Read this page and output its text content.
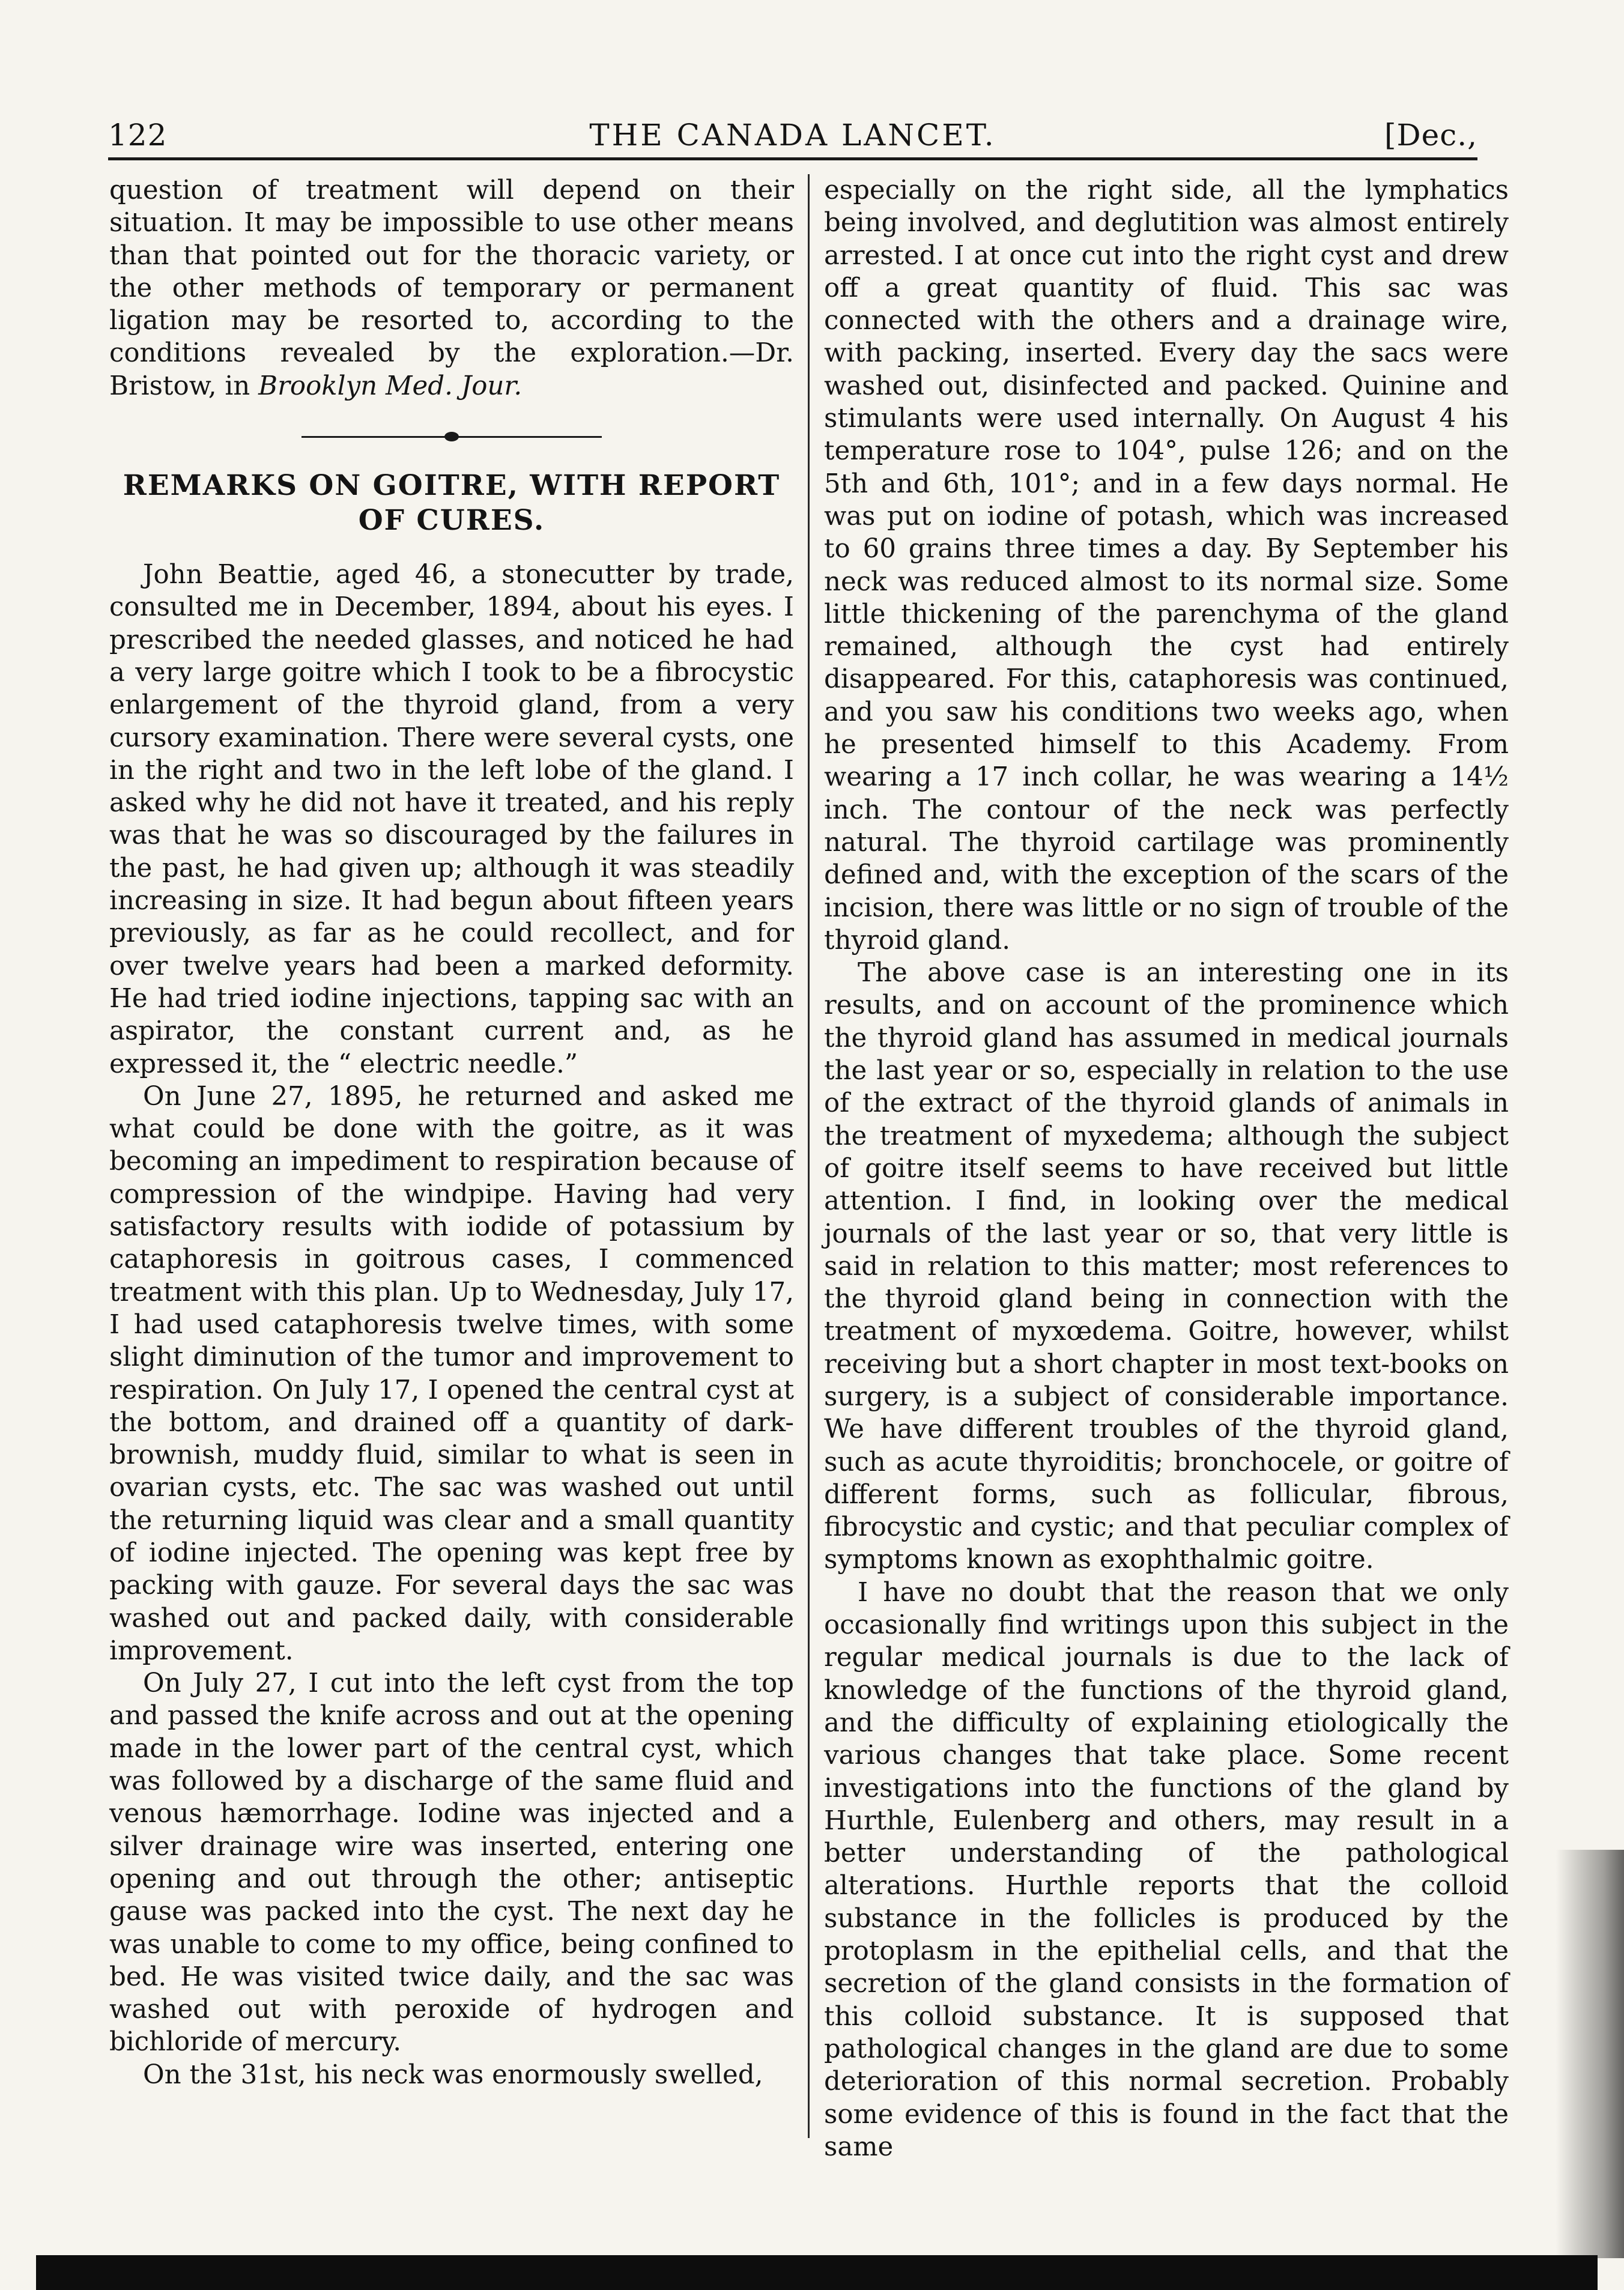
122	THE CANADA LANCET.	[Dec.,

question of treatment will depend on their situation. It may be impossible to use other means than that pointed out for the thoracic variety, or the other methods of temporary or permanent ligation may be resorted to, according to the conditions revealed by the exploration.—Dr. Bristow, in Brooklyn Med. Jour.

REMARKS ON GOITRE, WITH REPORT OF CURES.

John Beattie, aged 46, a stonecutter by trade, consulted me in December, 1894, about his eyes. I prescribed the needed glasses, and noticed he had a very large goitre which I took to be a fibrocystic enlargement of the thyroid gland, from a very cursory examination. There were several cysts, one in the right and two in the left lobe of the gland. I asked why he did not have it treated, and his reply was that he was so discouraged by the failures in the past, he had given up; although it was steadily increasing in size. It had begun about fifteen years previously, as far as he could recollect, and for over twelve years had been a marked deformity. He had tried iodine injections, tapping sac with an aspirator, the constant current and, as he expressed it, the “ electric needle.”

On June 27, 1895, he returned and asked me what could be done with the goitre, as it was becoming an impediment to respiration because of compression of the windpipe. Having had very satisfactory results with iodide of potassium by cataphoresis in goitrous cases, I commenced treatment with this plan. Up to Wednesday, July 17, I had used cataphoresis twelve times, with some slight diminution of the tumor and improvement to respiration. On July 17, I opened the central cyst at the bottom, and drained off a quantity of dark-brownish, muddy fluid, similar to what is seen in ovarian cysts, etc. The sac was washed out until the returning liquid was clear and a small quantity of iodine injected. The opening was kept free by packing with gauze. For several days the sac was washed out and packed daily, with considerable improvement.

On July 27, I cut into the left cyst from the top and passed the knife across and out at the opening made in the lower part of the central cyst, which was followed by a discharge of the same fluid and venous hæmorrhage. Iodine was injected and a silver drainage wire was inserted, entering one opening and out through the other; antiseptic gause was packed into the cyst. The next day he was unable to come to my office, being confined to bed. He was visited twice daily, and the sac was washed out with peroxide of hydrogen and bichloride of mercury.

On the 31st, his neck was enormously swelled,

especially on the right side, all the lymphatics being involved, and deglutition was almost entirely arrested. I at once cut into the right cyst and drew off a great quantity of fluid. This sac was connected with the others and a drainage wire, with packing, inserted. Every day the sacs were washed out, disinfected and packed. Quinine and stimulants were used internally. On August 4 his temperature rose to 104°, pulse 126; and on the 5th and 6th, 101°; and in a few days normal. He was put on iodine of potash, which was increased to 60 grains three times a day. By September his neck was reduced almost to its normal size. Some little thickening of the parenchyma of the gland remained, although the cyst had entirely disappeared. For this, cataphoresis was continued, and you saw his conditions two weeks ago, when he presented himself to this Academy. From wearing a 17 inch collar, he was wearing a 14½ inch. The contour of the neck was perfectly natural. The thyroid cartilage was prominently defined and, with the exception of the scars of the incision, there was little or no sign of trouble of the thyroid gland.

The above case is an interesting one in its results, and on account of the prominence which the thyroid gland has assumed in medical journals the last year or so, especially in relation to the use of the extract of the thyroid glands of animals in the treatment of myxedema; although the subject of goitre itself seems to have received but little attention. I find, in looking over the medical journals of the last year or so, that very little is said in relation to this matter; most references to the thyroid gland being in connection with the treatment of myxœdema. Goitre, however, whilst receiving but a short chapter in most text-books on surgery, is a subject of considerable importance. We have different troubles of the thyroid gland, such as acute thyroiditis; bronchocele, or goitre of different forms, such as follicular, fibrous, fibrocystic and cystic; and that peculiar complex of symptoms known as exophthalmic goitre.

I have no doubt that the reason that we only occasionally find writings upon this subject in the regular medical journals is due to the lack of knowledge of the functions of the thyroid gland, and the difficulty of explaining etiologically the various changes that take place. Some recent investigations into the functions of the gland by Hurthle, Eulenberg and others, may result in a better understanding of the pathological alterations. Hurthle reports that the colloid substance in the follicles is produced by the protoplasm in the epithelial cells, and that the secretion of the gland consists in the formation of this colloid substance. It is supposed that pathological changes in the gland are due to some deterioration of this normal secretion. Probably some evidence of this is found in the fact that the same
